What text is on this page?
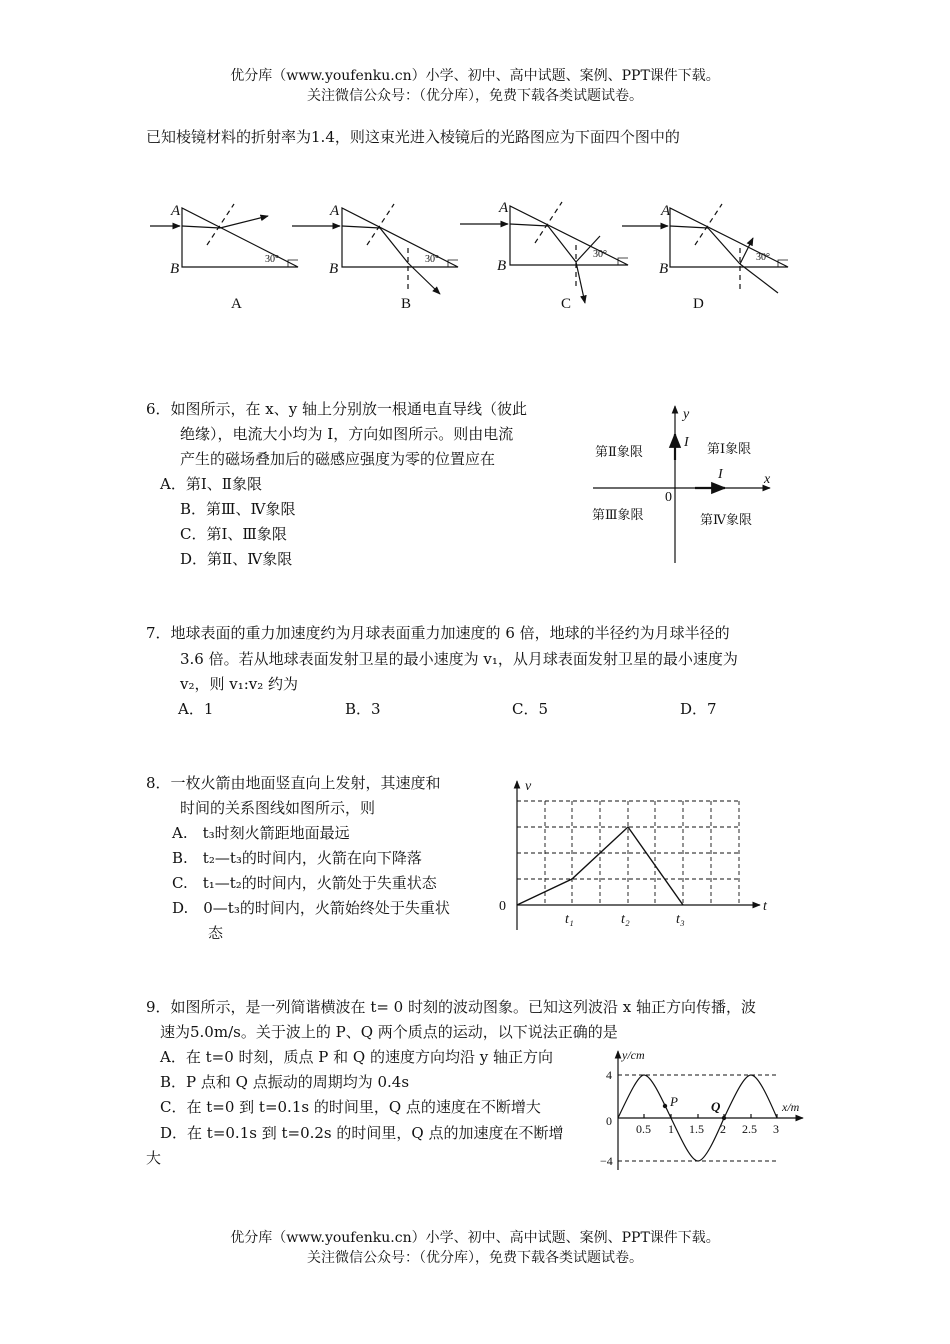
优分库（www.youfenku.cn）小学、初中、高中试题、案例、PPT课件下载。
关注微信公众号：（优分库），免费下载各类试题试卷。
已知棱镜材料的折射率为1.4，则这束光进入棱镜后的光路图应为下面四个图中的
A
B
30°
A
A
B
30°
B
A
B
30°
C
A
B
30°
D
6．如图所示，在 x、y 轴上分别放一根通电直导线（彼此
绝缘），电流大小均为 I，方向如图所示。则由电流
产生的磁场叠加后的磁感应强度为零的位置应在
A．第Ⅰ、Ⅱ象限
B．第Ⅲ、Ⅳ象限
C．第Ⅰ、Ⅲ象限
D．第Ⅱ、Ⅳ象限
y
x
0
I
I
第Ⅰ象限
第Ⅱ象限
第Ⅲ象限	第Ⅳ象限
7．地球表面的重力加速度约为月球表面重力加速度的 6 倍，地球的半径约为月球半径的
3.6 倍。若从地球表面发射卫星的最小速度为 v₁，从月球表面发射卫星的最小速度为
v₂，则 v₁:v₂ 约为
A．1	B．3	C．5	D．7
8．一枚火箭由地面竖直向上发射，其速度和
时间的关系图线如图所示，则
A.　t₃时刻火箭距地面最远
B.　t₂—t₃的时间内，火箭在向下降落
C.　t₁—t₂的时间内，火箭处于失重状态
D.　0—t₃的时间内，火箭始终处于失重状
态
v
t
0
t₁	t₂	t₃
9．如图所示，是一列简谐横波在 t= 0 时刻的波动图象。已知这列波沿 x 轴正方向传播，波
速为5.0m/s。关于波上的 P、Q 两个质点的运动，以下说法正确的是
A．在 t=0 时刻，质点 P 和 Q 的速度方向均沿 y 轴正方向
B．P 点和 Q 点振动的周期均为 0.4s
C．在 t=0 到 t=0.1s 的时间里，Q 点的速度在不断增大
D．在 t=0.1s 到 t=0.2s 的时间里，Q 点的加速度在不断增
大
y/cm
x/m
4
−4
0
0.5 1 1.5 2 2.5 3
P	Q
优分库（www.youfenku.cn）小学、初中、高中试题、案例、PPT课件下载。
关注微信公众号：（优分库），免费下载各类试题试卷。
